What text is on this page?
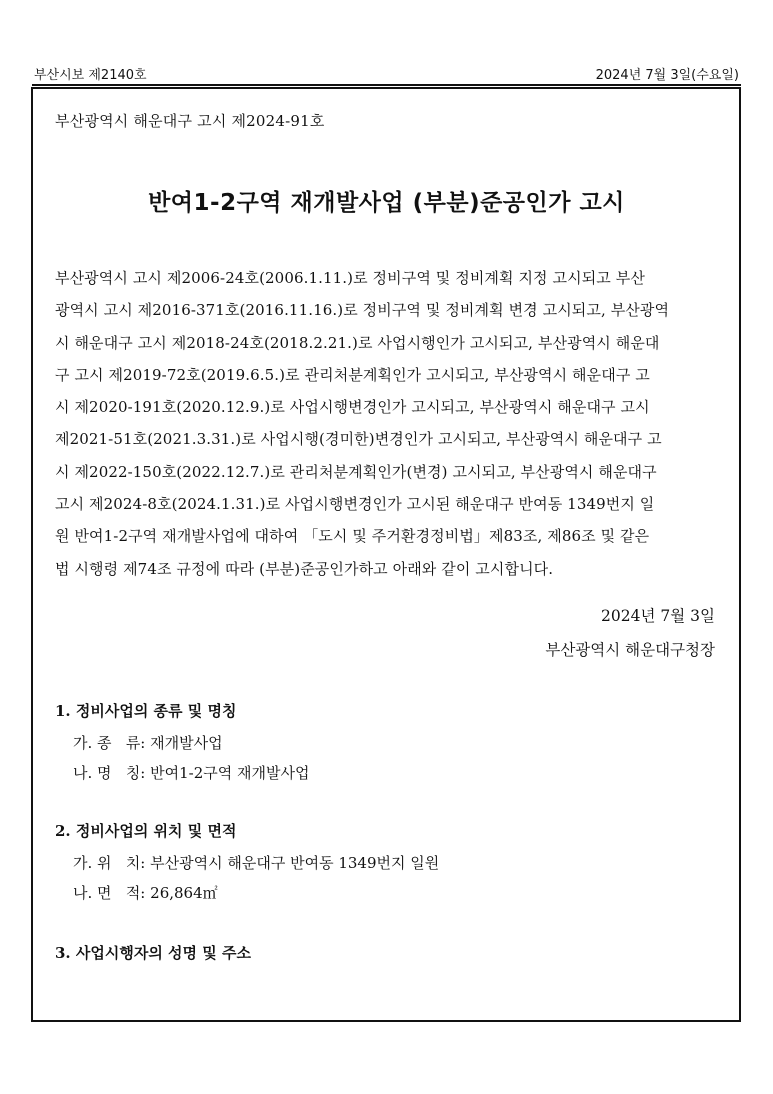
부산시보 제2140호	2024년 7월 3일(수요일)
부산광역시 해운대구 고시 제2024-91호
반여1-2구역 재개발사업 (부분)준공인가 고시
부산광역시 고시 제2006-24호(2006.1.11.)로 정비구역 및 정비계획 지정 고시되고 부산
광역시 고시 제2016-371호(2016.11.16.)로 정비구역 및 정비계획 변경 고시되고, 부산광역
시 해운대구 고시 제2018-24호(2018.2.21.)로 사업시행인가 고시되고, 부산광역시 해운대
구 고시 제2019-72호(2019.6.5.)로 관리처분계획인가 고시되고, 부산광역시 해운대구 고
시 제2020-191호(2020.12.9.)로 사업시행변경인가 고시되고, 부산광역시 해운대구 고시
제2021-51호(2021.3.31.)로 사업시행(경미한)변경인가 고시되고, 부산광역시 해운대구 고
시 제2022-150호(2022.12.7.)로 관리처분계획인가(변경) 고시되고, 부산광역시 해운대구
고시 제2024-8호(2024.1.31.)로 사업시행변경인가 고시된 해운대구 반여동 1349번지 일
원 반여1-2구역 재개발사업에 대하여 「도시 및 주거환경정비법」제83조, 제86조 및 같은
법 시행령 제74조 규정에 따라 (부분)준공인가하고 아래와 같이 고시합니다.
2024년 7월 3일
부산광역시 해운대구청장
1. 정비사업의 종류 및 명칭
가. 종   류: 재개발사업
나. 명   칭: 반여1-2구역 재개발사업
2. 정비사업의 위치 및 면적
가. 위   치: 부산광역시 해운대구 반여동 1349번지 일원
나. 면   적: 26,864㎡
3. 사업시행자의 성명 및 주소
